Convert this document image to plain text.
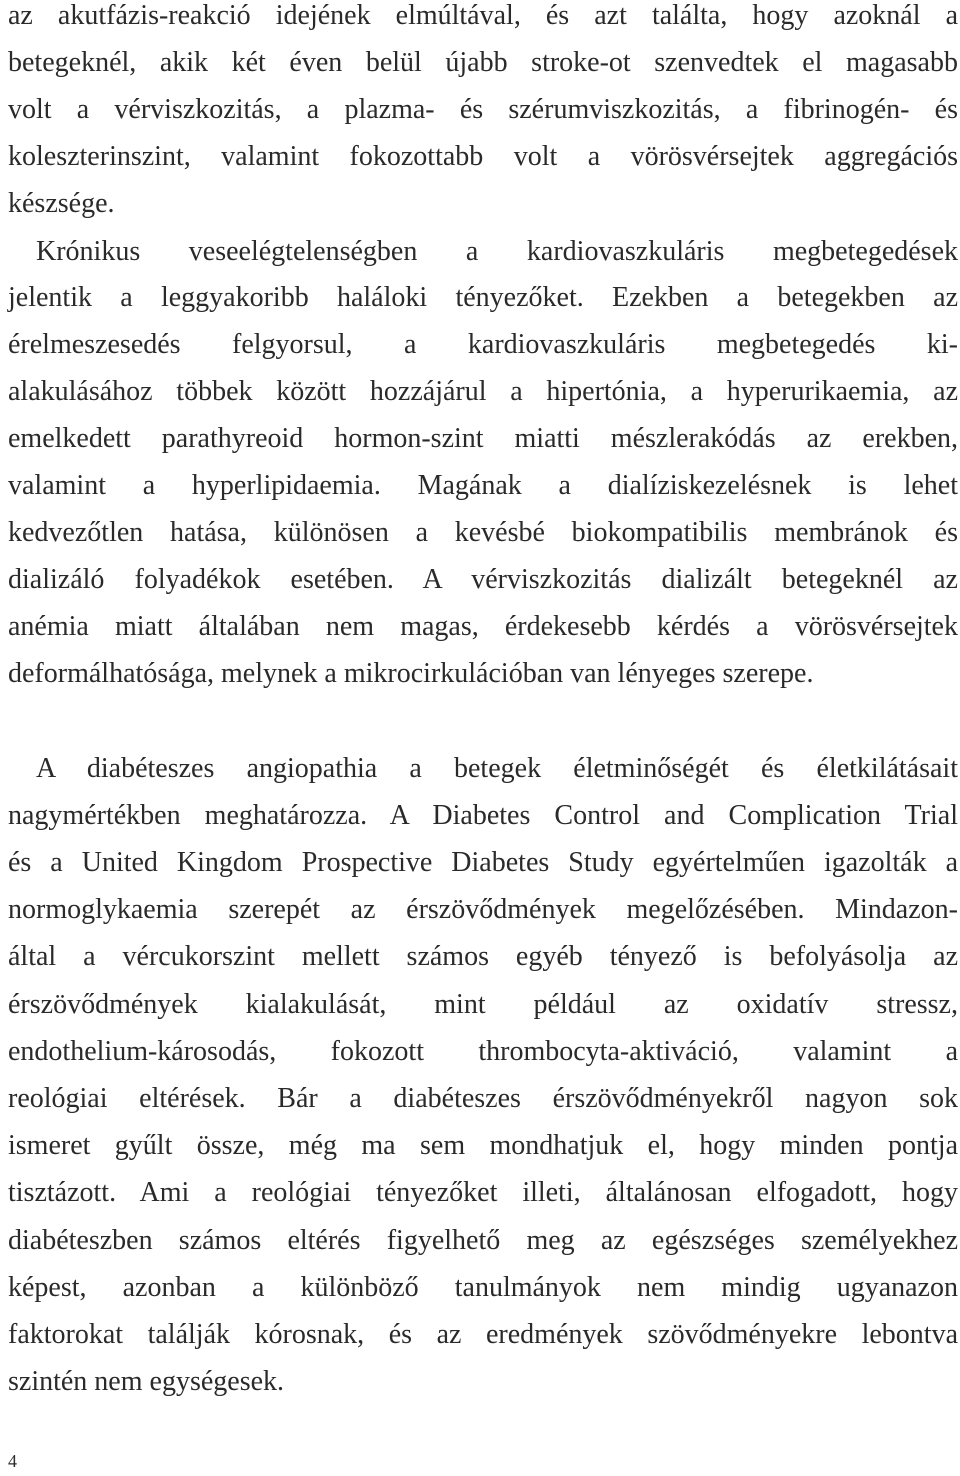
az akutfázis-reakció idejének elmúltával, és azt találta, hogy azoknál a
betegeknél, akik két éven belül újabb stroke-ot szenvedtek el magasabb
volt a vérviszkozitás, a plazma- és szérumviszkozitás, a fibrinogén- és
koleszterinszint, valamint fokozottabb volt a vörösvérsejtek aggregációs
készsége.
Krónikus veseelégtelenségben a kardiovaszkuláris megbetegedések
jelentik a leggyakoribb haláloki tényezőket. Ezekben a betegekben az
érelmeszesedés felgyorsul, a kardiovaszkuláris megbetegedés ki-
alakulásához többek között hozzájárul a hipertónia, a hyperurikaemia, az
emelkedett parathyreoid hormon-szint miatti mészlerakódás az erekben,
valamint a hyperlipidaemia. Magának a dialíziskezelésnek is lehet
kedvezőtlen hatása, különösen a kevésbé biokompatibilis membránok és
dializáló folyadékok esetében. A vérviszkozitás dializált betegeknél az
anémia miatt általában nem magas, érdekesebb kérdés a vörösvérsejtek
deformálhatósága, melynek a mikrocirkulációban van lényeges szerepe.
A diabéteszes angiopathia a betegek életminőségét és életkilátásait
nagymértékben meghatározza. A Diabetes Control and Complication Trial
és a United Kingdom Prospective Diabetes Study egyértelműen igazolták a
normoglykaemia szerepét az érszövődmények megelőzésében. Mindazon-
által a vércukorszint mellett számos egyéb tényező is befolyásolja az
érszövődmények kialakulását, mint például az oxidatív stressz,
endothelium-károsodás, fokozott thrombocyta-aktiváció, valamint a
reológiai eltérések. Bár a diabéteszes érszövődményekről nagyon sok
ismeret gyűlt össze, még ma sem mondhatjuk el, hogy minden pontja
tisztázott. Ami a reológiai tényezőket illeti, általánosan elfogadott, hogy
diabéteszben számos eltérés figyelhető meg az egészséges személyekhez
képest, azonban a különböző tanulmányok nem mindig ugyanazon
faktorokat találják kórosnak, és az eredmények szövődményekre lebontva
szintén nem egységesek.
4
